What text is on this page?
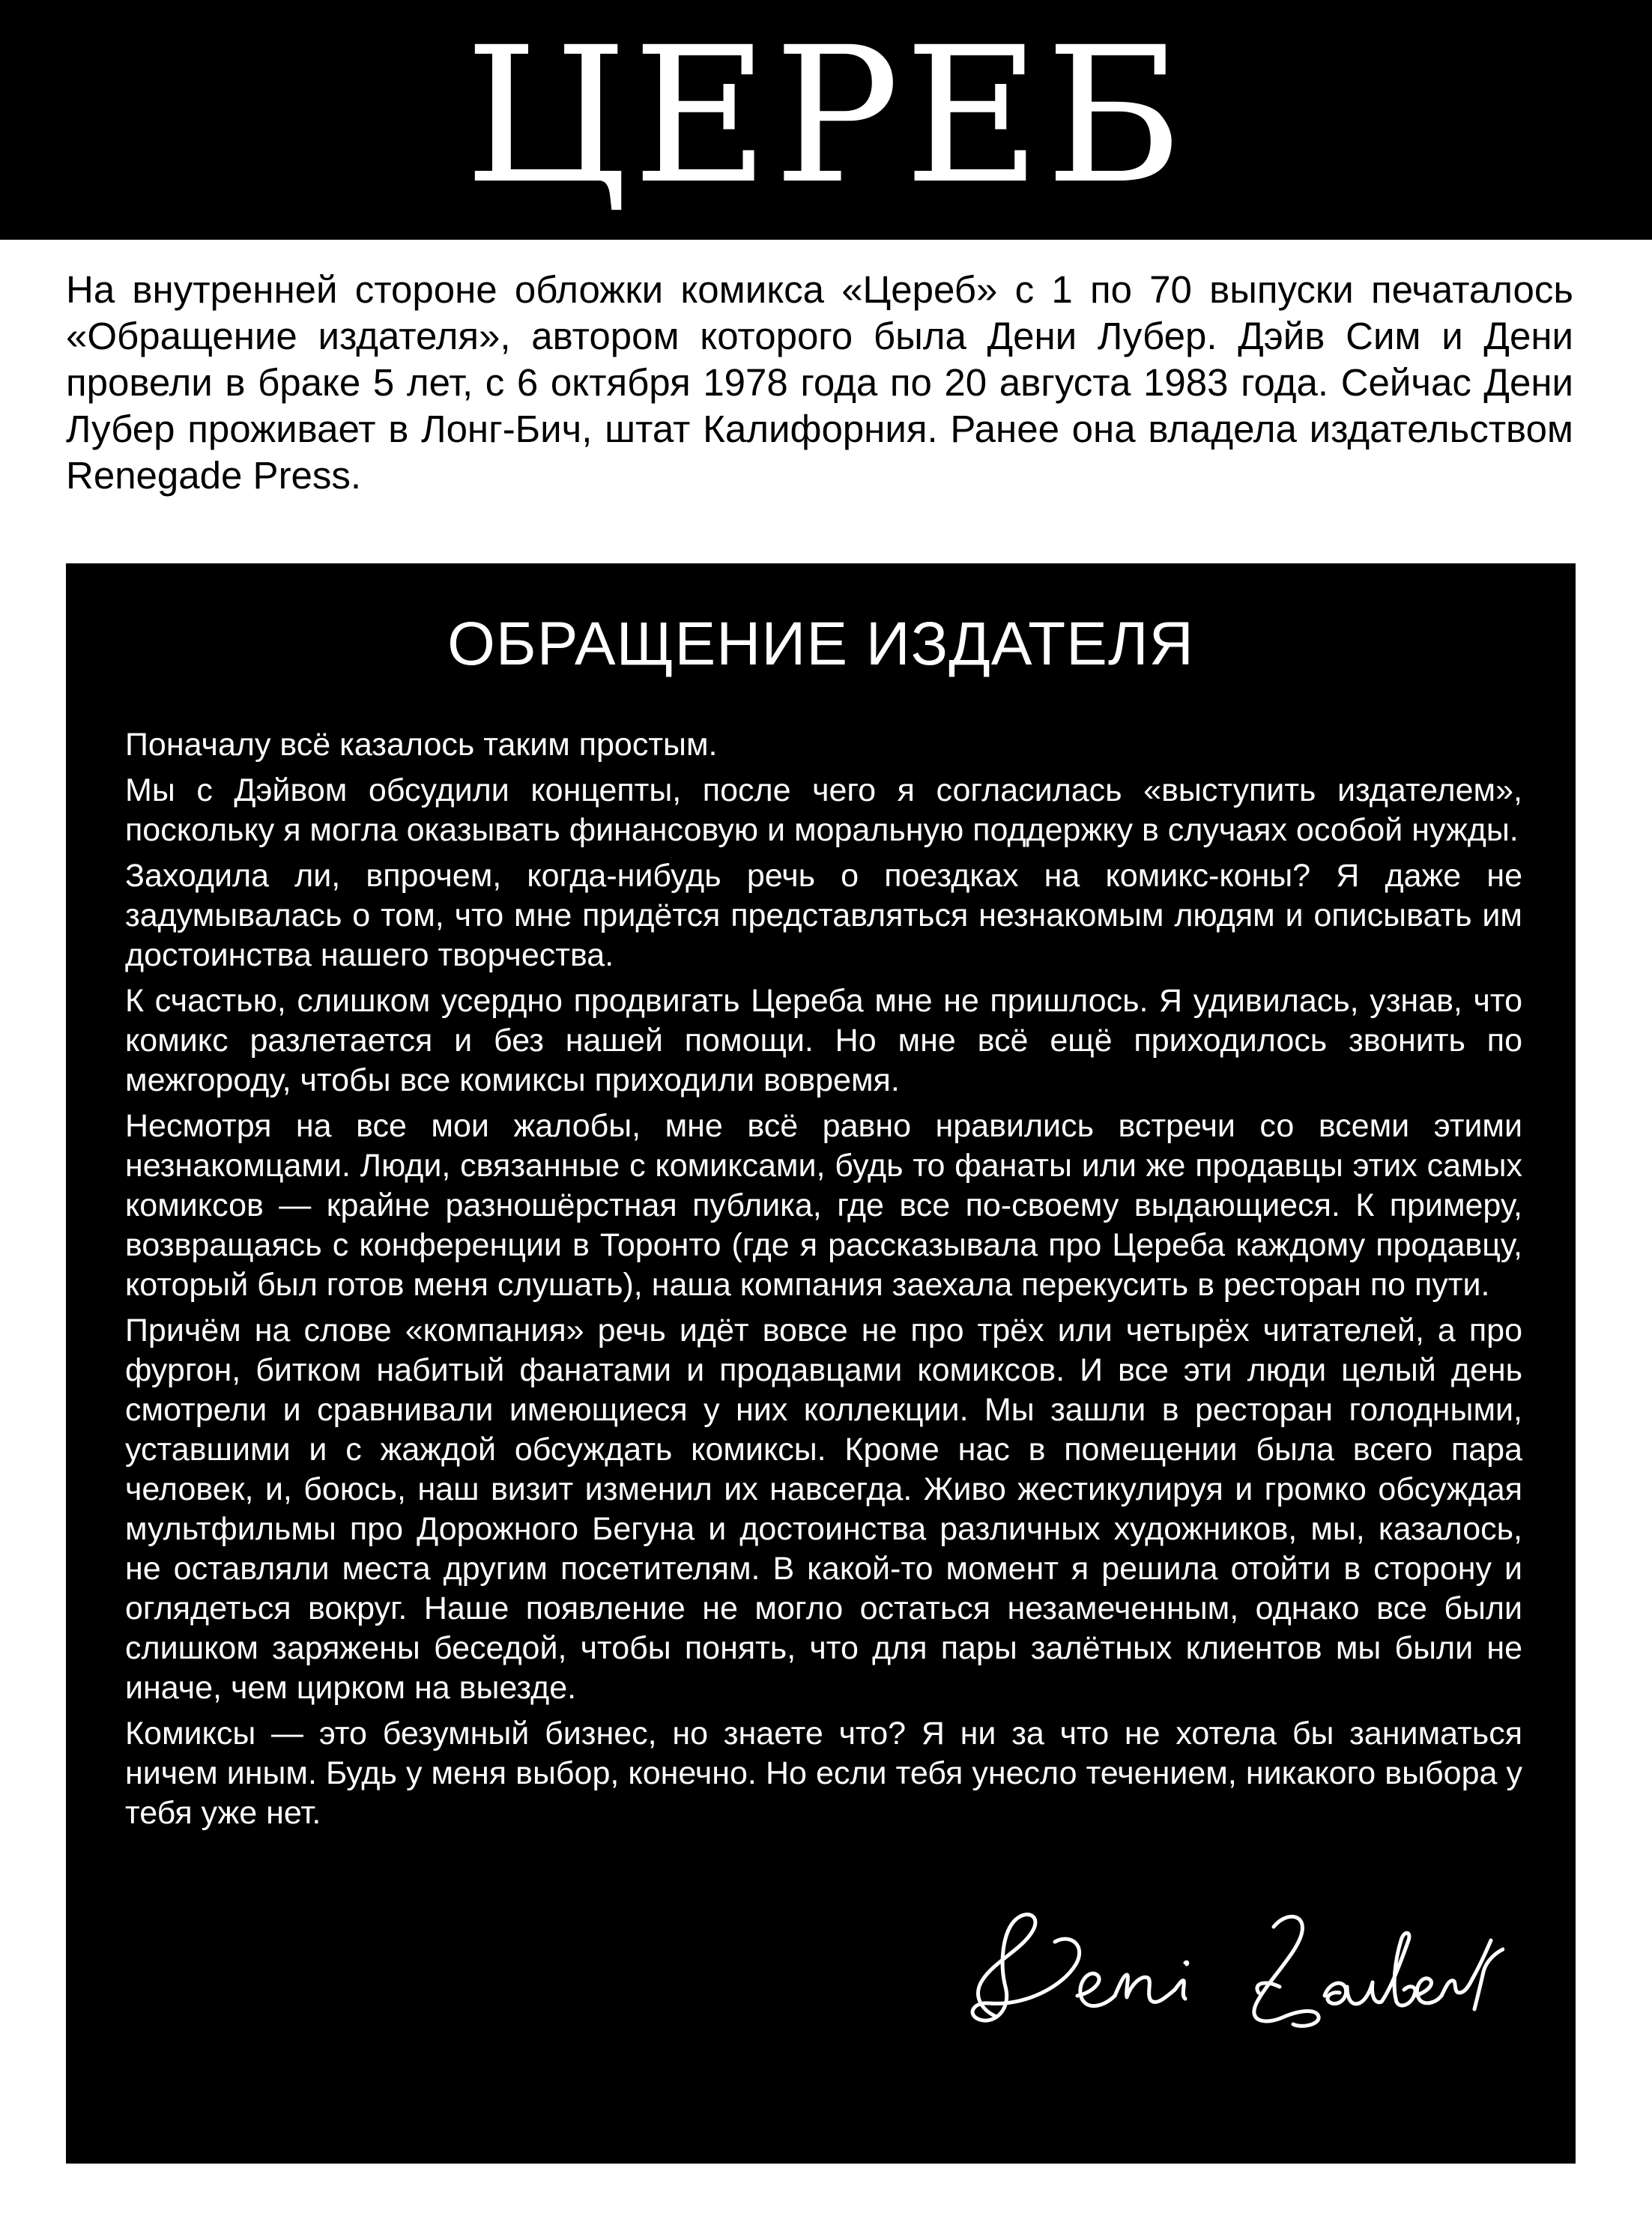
ЦЕРЕБ

На внутренней стороне обложки комикса «Цереб» с 1 по 70 выпуски печаталось «Обращение издателя», автором которого была Дени Лубер. Дэйв Сим и Дени провели в браке 5 лет, с 6 октября 1978 года по 20 августа 1983 года. Сейчас Дени Лубер проживает в Лонг-Бич, штат Калифорния. Ранее она владела издательством Renegade Press.

ОБРАЩЕНИЕ ИЗДАТЕЛЯ

Поначалу всё казалось таким простым.

Мы с Дэйвом обсудили концепты, после чего я согласилась «выступить издателем», поскольку я могла оказывать финансовую и моральную поддержку в случаях особой нужды.

Заходила ли, впрочем, когда-нибудь речь о поездках на комикс-коны? Я даже не задумывалась о том, что мне придётся представляться незнакомым людям и описывать им достоинства нашего творчества.

К счастью, слишком усердно продвигать Цереба мне не пришлось. Я удивилась, узнав, что комикс разлетается и без нашей помощи. Но мне всё ещё приходилось звонить по межгороду, чтобы все комиксы приходили вовремя.

Несмотря на все мои жалобы, мне всё равно нравились встречи со всеми этими незнакомцами. Люди, связанные с комиксами, будь то фанаты или же продавцы этих самых комиксов — крайне разношёрстная публика, где все по-своему выдающиеся. К примеру, возвращаясь с конференции в Торонто (где я рассказывала про Цереба каждому продавцу, который был готов меня слушать), наша компания заехала перекусить в ресторан по пути.

Причём на слове «компания» речь идёт вовсе не про трёх или четырёх читателей, а про фургон, битком набитый фанатами и продавцами комиксов. И все эти люди целый день смотрели и сравнивали имеющиеся у них коллекции. Мы зашли в ресторан голодными, уставшими и с жаждой обсуждать комиксы. Кроме нас в помещении была всего пара человек, и, боюсь, наш визит изменил их навсегда. Живо жестикулируя и громко обсуждая мультфильмы про Дорожного Бегуна и достоинства различных художников, мы, казалось, не оставляли места другим посетителям. В какой-то момент я решила отойти в сторону и оглядеться вокруг. Наше появление не могло остаться незамеченным, однако все были слишком заряжены беседой, чтобы понять, что для пары залётных клиентов мы были не иначе, чем цирком на выезде.

Комиксы — это безумный бизнес, но знаете что? Я ни за что не хотела бы заниматься ничем иным. Будь у меня выбор, конечно. Но если тебя унесло течением, никакого выбора у тебя уже нет.
